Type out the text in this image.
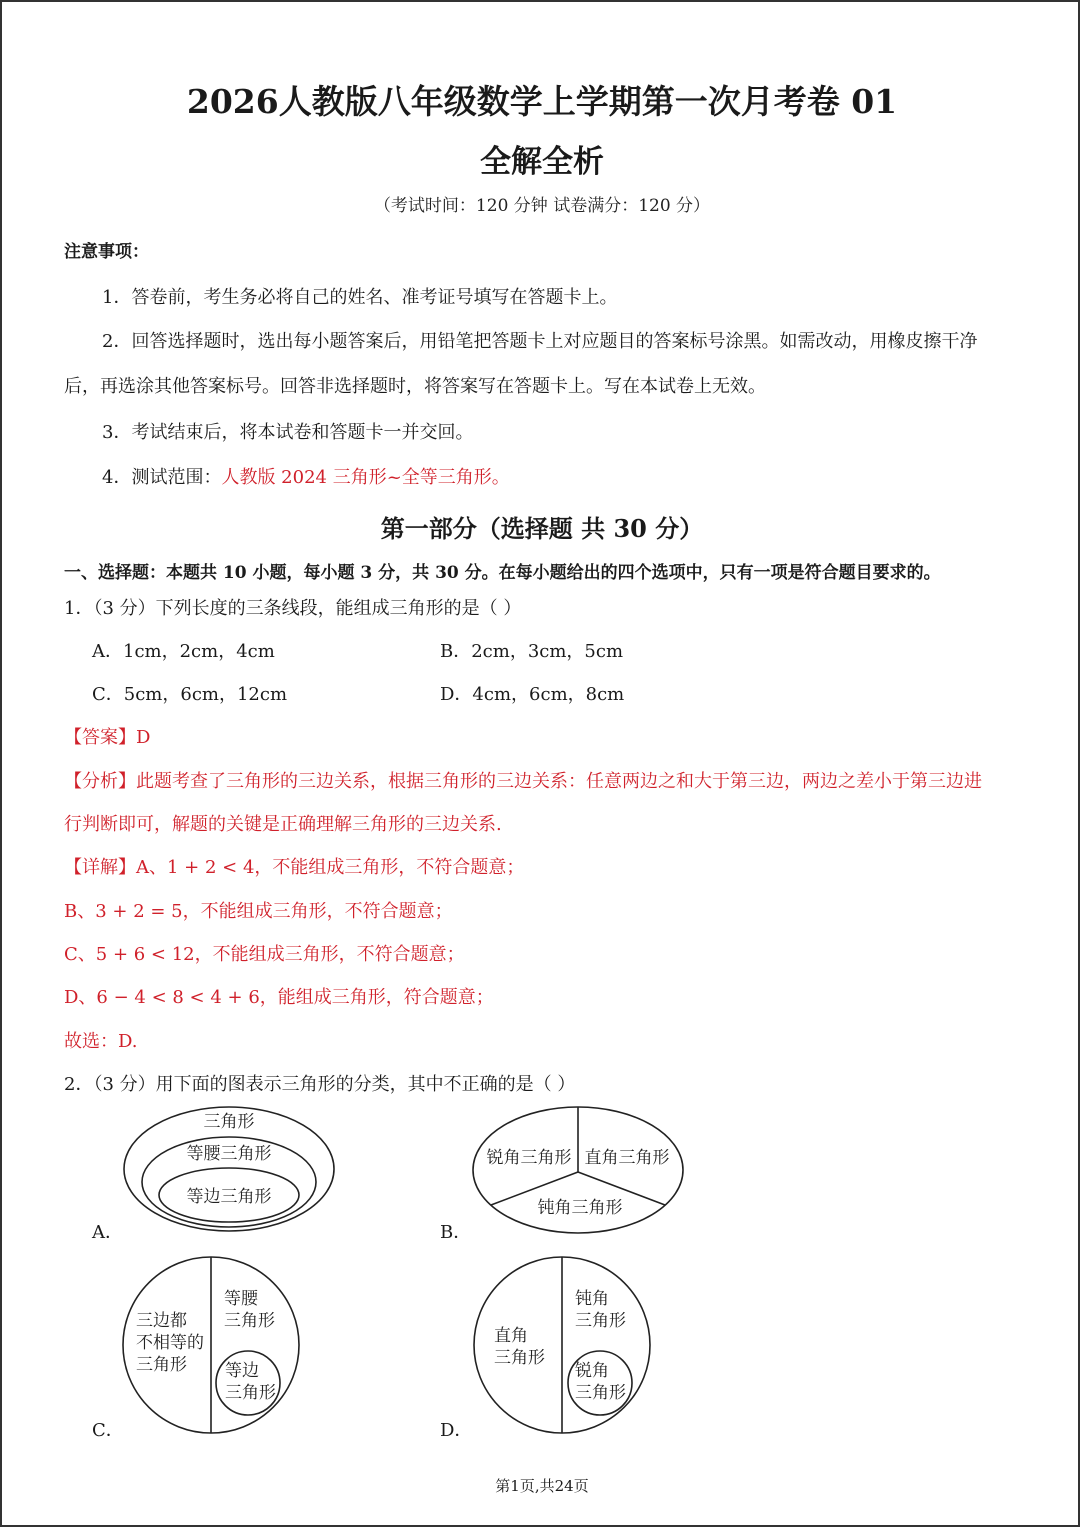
2026人教版八年级数学上学期第一次月考卷 01
全解全析
（考试时间：120 分钟 试卷满分：120 分）
注意事项：
1．答卷前，考生务必将自己的姓名、准考证号填写在答题卡上。
2．回答选择题时，选出每小题答案后，用铅笔把答题卡上对应题目的答案标号涂黑。如需改动，用橡皮擦干净
后，再选涂其他答案标号。回答非选择题时，将答案写在答题卡上。写在本试卷上无效。
3．考试结束后，将本试卷和答题卡一并交回。
4．测试范围：人教版 2024 三角形~全等三角形。
第一部分（选择题 共 30 分）
一、选择题：本题共 10 小题，每小题 3 分，共 30 分。在每小题给出的四个选项中，只有一项是符合题目要求的。
1．（3 分）下列长度的三条线段，能组成三角形的是（ ）
A．1cm，2cm，4cm	B．2cm，3cm，5cm
C．5cm，6cm，12cm	D．4cm，6cm，8cm
【答案】D
【分析】此题考查了三角形的三边关系，根据三角形的三边关系：任意两边之和大于第三边，两边之差小于第三边进
行判断即可，解题的关键是正确理解三角形的三边关系.
【详解】A、1 + 2 < 4，不能组成三角形，不符合题意；
B、3 + 2 = 5，不能组成三角形，不符合题意；
C、5 + 6 < 12，不能组成三角形，不符合题意；
D、6 − 4 < 8 < 4 + 6，能组成三角形，符合题意；
故选：D.
2．（3 分）用下面的图表示三角形的分类，其中不正确的是（ ）
A．	B．
C．	D．
三角形
等腰三角形
等边三角形
锐角三角形 直角三角形
钝角三角形
三边都
不相等的
三角形
等腰
三角形
等边
三角形
直角
三角形
钝角
三角形
锐角
三角形
第1页,共24页
